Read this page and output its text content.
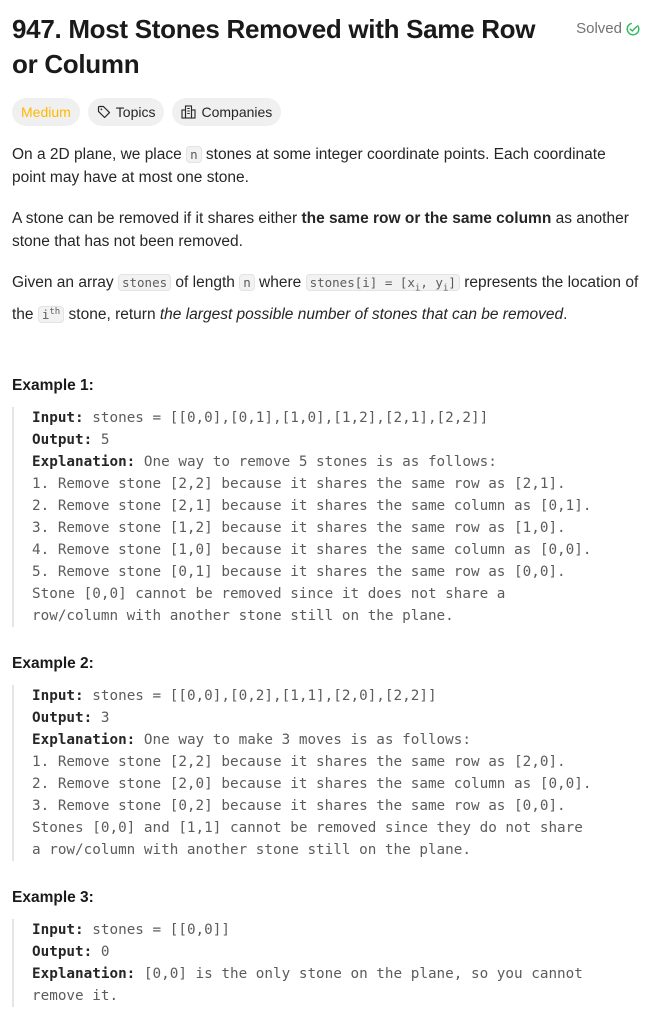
947. Most Stones Removed with Same Row or Column
Solved
Medium	Topics	Companies

On a 2D plane, we place n stones at some integer coordinate points. Each coordinate point may have at most one stone.

A stone can be removed if it shares either the same row or the same column as another stone that has not been removed.

Given an array stones of length n where stones[i] = [$x_i$, $y_i$] represents the location of the $i^{th}$ stone, return the largest possible number of stones that can be removed.

Example 1:

Input: stones = [[0,0],[0,1],[1,0],[1,2],[2,1],[2,2]]
Output: 5
Explanation: One way to remove 5 stones is as follows:
1. Remove stone [2,2] because it shares the same row as [2,1].
2. Remove stone [2,1] because it shares the same column as [0,1].
3. Remove stone [1,2] because it shares the same row as [1,0].
4. Remove stone [1,0] because it shares the same column as [0,0].
5. Remove stone [0,1] because it shares the same row as [0,0].
Stone [0,0] cannot be removed since it does not share a
row/column with another stone still on the plane.

Example 2:

Input: stones = [[0,0],[0,2],[1,1],[2,0],[2,2]]
Output: 3
Explanation: One way to make 3 moves is as follows:
1. Remove stone [2,2] because it shares the same row as [2,0].
2. Remove stone [2,0] because it shares the same column as [0,0].
3. Remove stone [0,2] because it shares the same row as [0,0].
Stones [0,0] and [1,1] cannot be removed since they do not share
a row/column with another stone still on the plane.

Example 3:

Input: stones = [[0,0]]
Output: 0
Explanation: [0,0] is the only stone on the plane, so you cannot
remove it.
